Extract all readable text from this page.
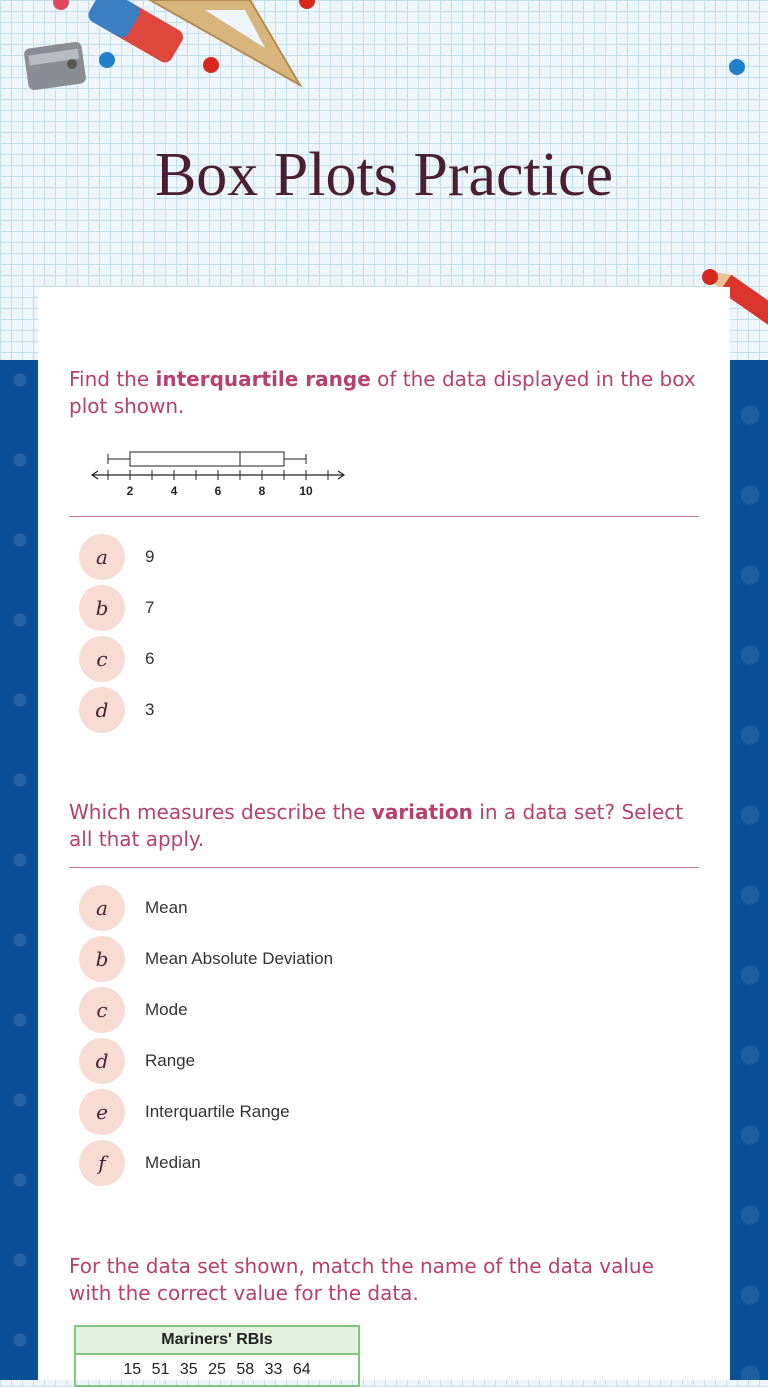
Box Plots Practice

Find the interquartile range of the data displayed in the box plot shown.

2	4	6	8	10
a	9
b	7
c	6
d	3

Which measures describe the variation in a data set? Select all that apply.

a	Mean
b	Mean Absolute Deviation
c	Mode
d	Range
e	Interquartile Range
f	Median

For the data set shown, match the name of the data value with the correct value for the data.

Mariners' RBIs
15 51 35 25 58 33 64
